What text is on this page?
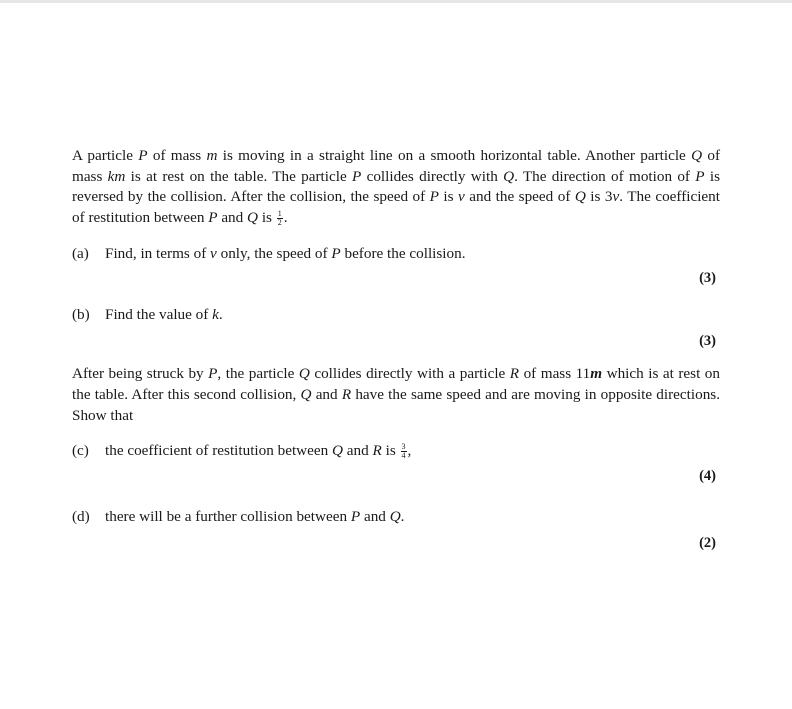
A particle P of mass m is moving in a straight line on a smooth horizontal table. Another particle Q of mass km is at rest on the table. The particle P collides directly with Q. The direction of motion of P is reversed by the collision. After the collision, the speed of P is v and the speed of Q is 3v. The coefficient of restitution between P and Q is $\frac{1}{2}$ .

(a) Find, in terms of v only, the speed of P before the collision.

(3)

(b) Find the value of k.

(3)

After being struck by P, the particle Q collides directly with a particle R of mass 11m which is at rest on the table. After this second collision, Q and R have the same speed and are moving in opposite directions. Show that

(c) the coefficient of restitution between Q and R is $\frac{3}{4}$ ,

(4)

(d) there will be a further collision between P and Q.

(2)
